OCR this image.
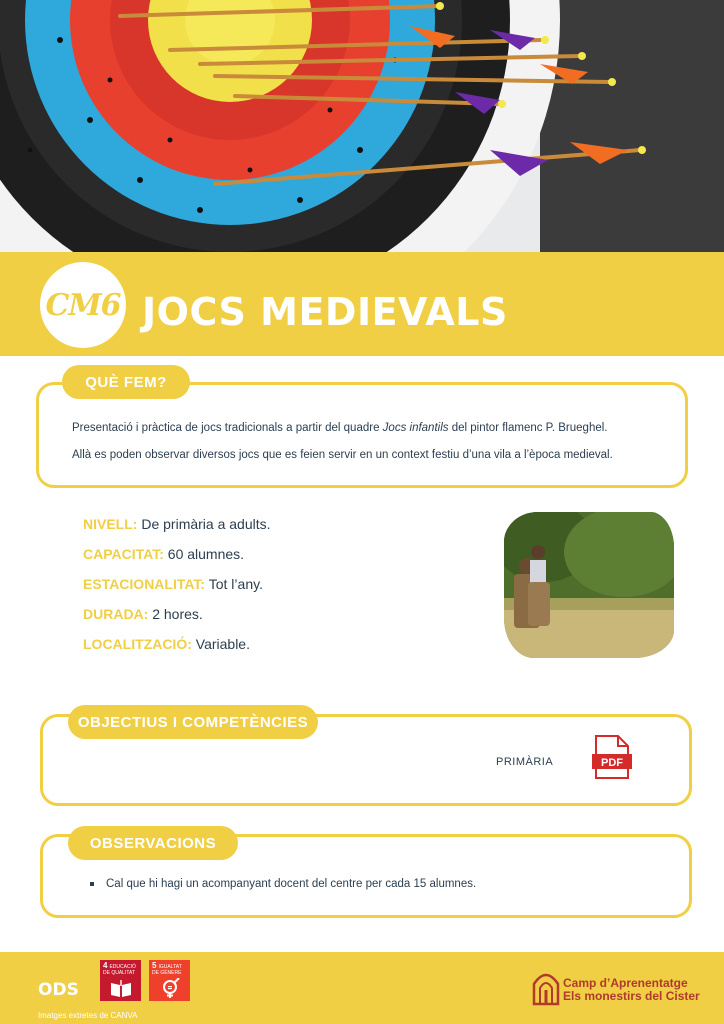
CM6 JOCS MEDIEVALS
QUÈ FEM?
Presentació i pràctica de jocs tradicionals a partir del quadre Jocs infantils del pintor flamenc P. Brueghel.
Allà es poden observar diversos jocs que es feien servir en un context festiu d’una vila a l’època medieval.
NIVELL: De primària a adults.
CAPACITAT: 60 alumnes.
ESTACIONALITAT: Tot l’any.
DURADA: 2 hores.
LOCALITZACIÓ: Variable.
OBJECTIUS I COMPETÈNCIES
PRIMÀRIA	PDF
OBSERVACIONS
Cal que hi hagi un acompanyant docent del centre per cada 15 alumnes.
ODS
4 EDUCACIÓ DE QUALITAT
5 IGUALTAT DE GÈNERE
Imatges extretes de CANVA
Camp d’Aprenentatge
Els monestirs del Cister
